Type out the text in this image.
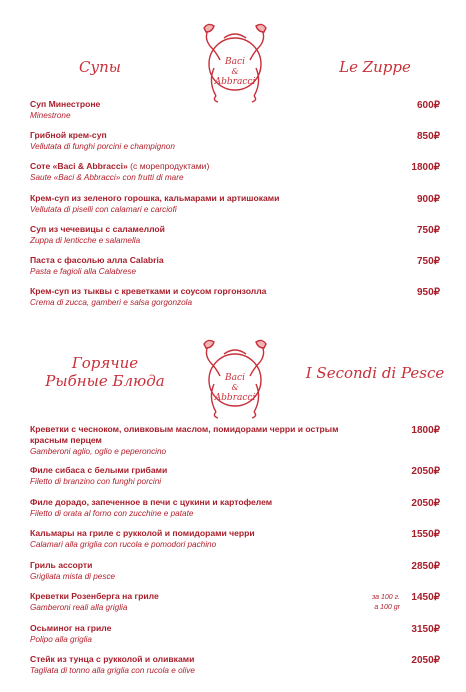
Супы	Baci
&
Abbracci
Le Zuppe
Суп Минестроне
Minestrone
600₽
Грибной крем-суп
Vellutata di funghi porcini e champignon
850₽
Соте «Baci & Abbracci» (с морепродуктами)
Saute «Baci & Abbracci» con frutti di mare
1800₽
Крем-суп из зеленого горошка, кальмарами и артишоками
Vellutata di piselli con calamari e carciofi
900₽
Суп из чечевицы с саламеллой
Zuppa di lenticche e salamella
750₽
Паста с фасолью алла Calabria
Pasta e fagioli alla Calabrese
750₽
Крем-суп из тыквы с креветками и соусом горгонзолла
Crema di zucca, gamberi e salsa gorgonzola
950₽
Горячие
Рыбные Блюда	Baci
&
Abbracci
I Secondi di Pesce
Креветки с чесноком, оливковым маслом, помидорами черри и острым красным перцем
Gamberoni aglio, oglio e peperoncino
1800₽
Филе сибаса с белыми грибами
Filetto di branzino con funghi porcini
2050₽
Филе дорадо, запеченное в печи с цукини и картофелем
Filetto di orata al forno con zucchine e patate
2050₽
Кальмары на гриле с рукколой и помидорами черри
Calamari alla griglia con rucola e pomodori pachino
1550₽
Гриль ассорти
Grigliata mista di pesce
2850₽
Креветки Розенберга на гриле
Gamberoni reali alla griglia
за 100 г.
a 100 gr
1450₽
Осьминог на гриле
Polipo alla griglia
3150₽
Стейк из тунца с рукколой и оливками
Tagliata di tonno alla griglia con rucola e olive
2050₽
